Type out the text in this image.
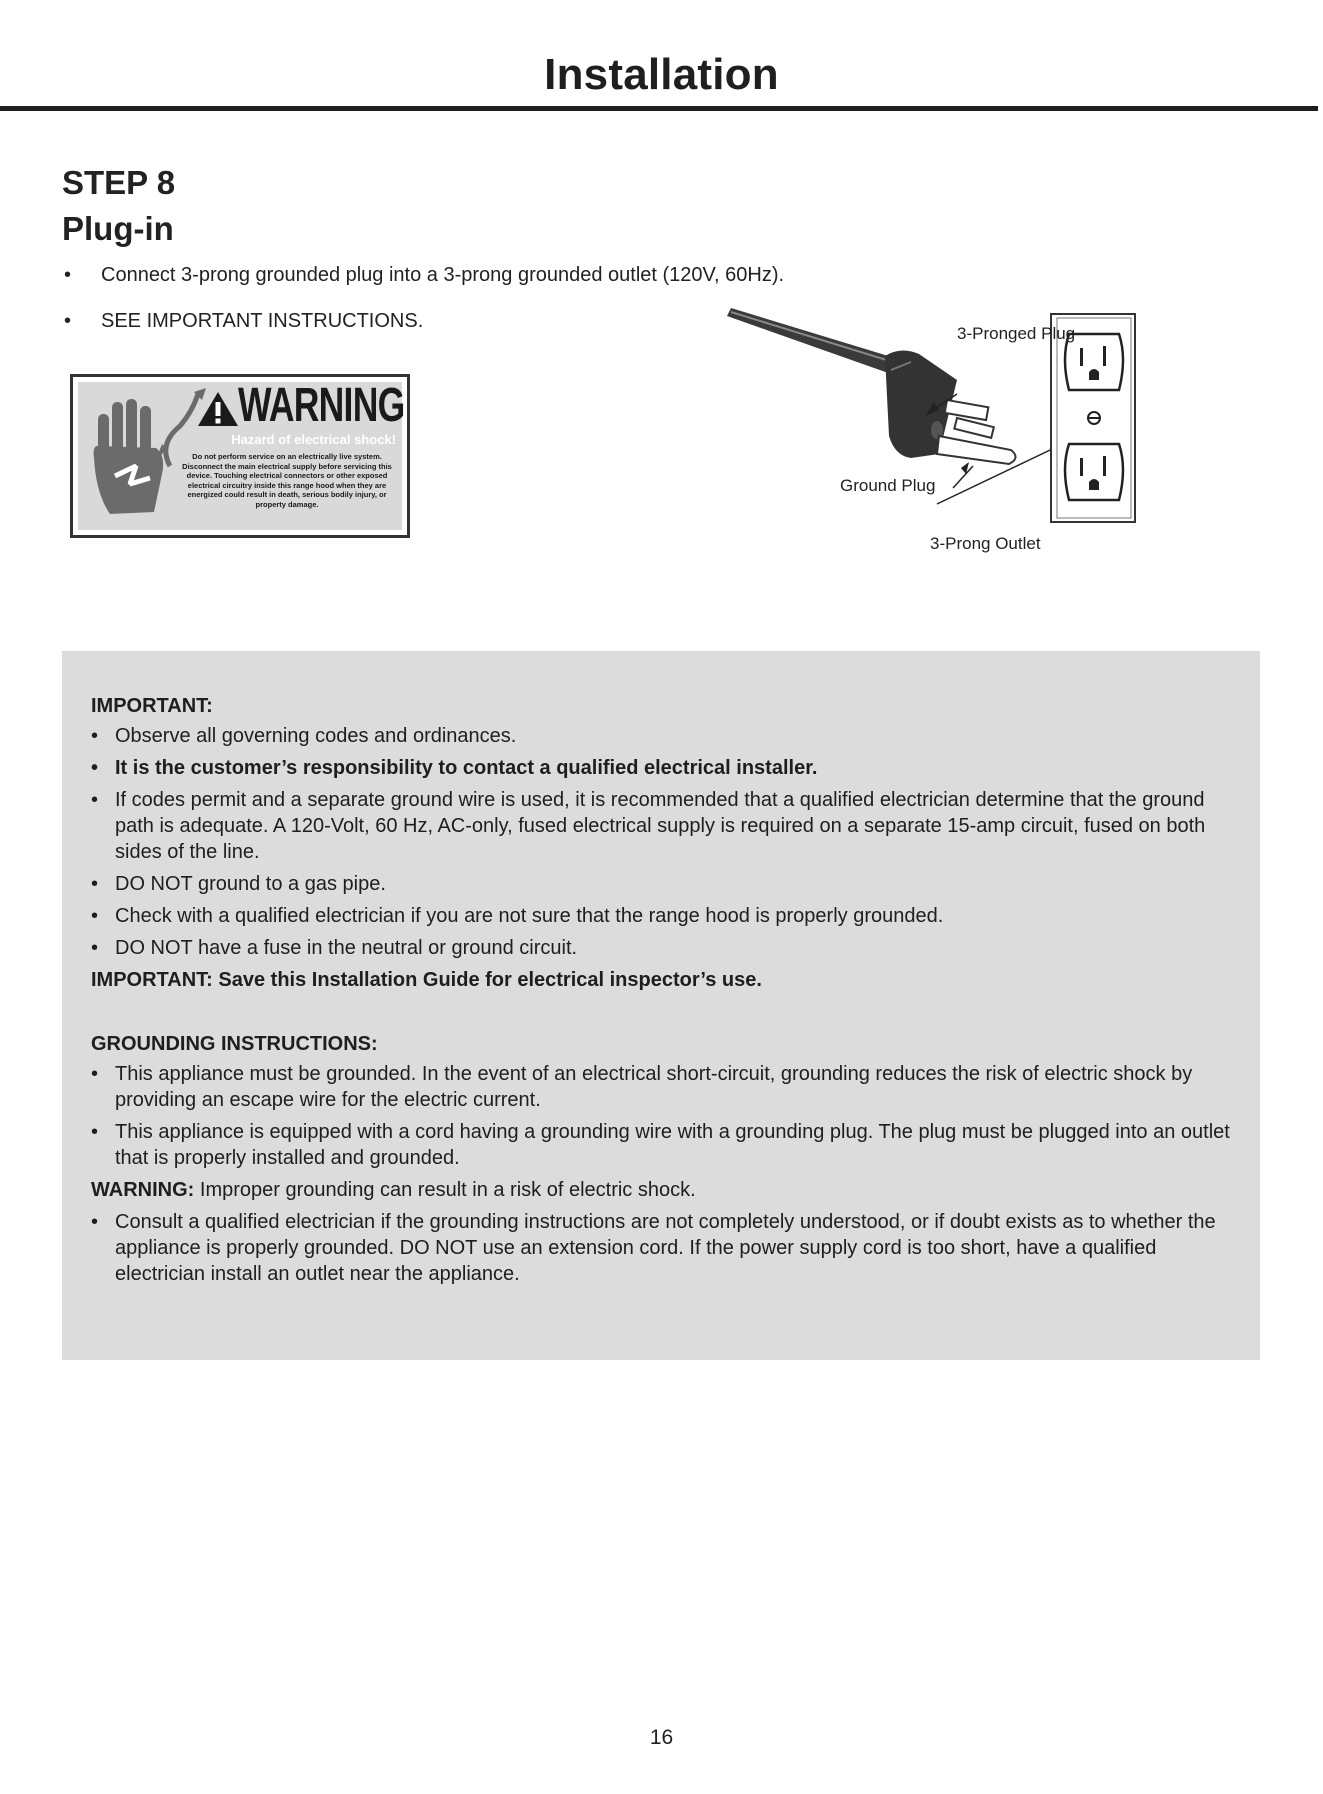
Installation
STEP 8
Plug-in
• Connect 3-prong grounded plug into a 3-prong grounded outlet (120V, 60Hz).
• SEE IMPORTANT INSTRUCTIONS.
WARNING
Hazard of electrical shock!
Do not perform service on an electrically live system. Disconnect the main electrical supply before servicing this device. Touching electrical connectors or other exposed electrical circuitry inside this range hood when they are energized could result in death, serious bodily injury, or property damage.
3-Pronged Plug
Ground Plug
3-Prong Outlet
IMPORTANT:
• Observe all governing codes and ordinances.
• It is the customer’s responsibility to contact a qualified electrical installer.
• If codes permit and a separate ground wire is used, it is recommended that a qualified electrician determine that the ground path is adequate. A 120-Volt, 60 Hz, AC-only, fused electrical supply is required on a separate 15-amp circuit, fused on both sides of the line.
• DO NOT ground to a gas pipe.
• Check with a qualified electrician if you are not sure that the range hood is properly grounded.
• DO NOT have a fuse in the neutral or ground circuit.
IMPORTANT: Save this Installation Guide for electrical inspector’s use.
GROUNDING INSTRUCTIONS:
• This appliance must be grounded. In the event of an electrical short-circuit, grounding reduces the risk of electric shock by providing an escape wire for the electric current.
• This appliance is equipped with a cord having a grounding wire with a grounding plug. The plug must be plugged into an outlet that is properly installed and grounded.
WARNING: Improper grounding can result in a risk of electric shock.
• Consult a qualified electrician if the grounding instructions are not completely understood, or if doubt exists as to whether the appliance is properly grounded. DO NOT use an extension cord. If the power supply cord is too short, have a qualified electrician install an outlet near the appliance.
16
